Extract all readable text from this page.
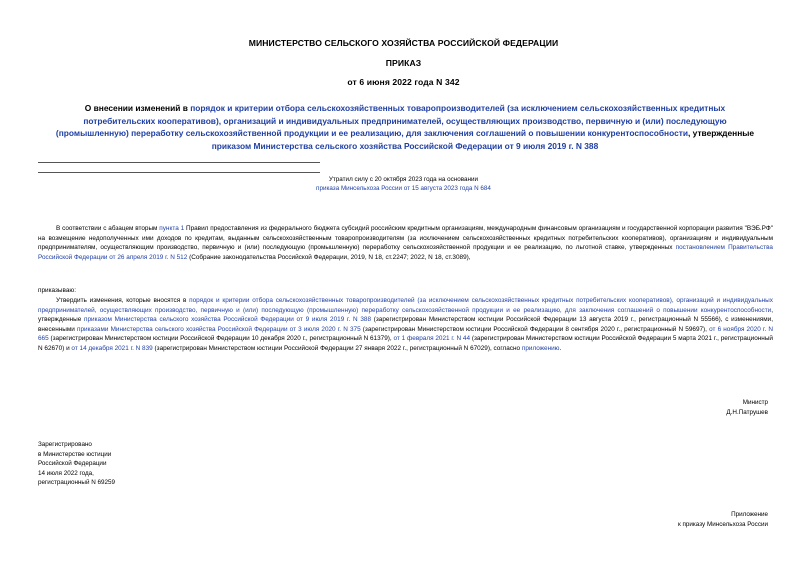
МИНИСТЕРСТВО СЕЛЬСКОГО ХОЗЯЙСТВА РОССИЙСКОЙ ФЕДЕРАЦИИ
ПРИКАЗ
от 6 июня 2022 года N 342
О внесении изменений в порядок и критерии отбора сельскохозяйственных товаропроизводителей (за исключением сельскохозяйственных кредитных потребительских кооперативов), организаций и индивидуальных предпринимателей, осуществляющих производство, первичную и (или) последующую (промышленную) переработку сельскохозяйственной продукции и ее реализацию, для заключения соглашений о повышении конкурентоспособности, утвержденные приказом Министерства сельского хозяйства Российской Федерации от 9 июля 2019 г. N 388
Утратил силу с 20 октября 2023 года на основании
приказа Минсельхоза России от 15 августа 2023 года N 684
В соответствии с абзацем вторым пункта 1 Правил предоставления из федерального бюджета субсидий российским кредитным организациям, международным финансовым организациям и государственной корпорации развития "ВЭБ.РФ" на возмещение недополученных ими доходов по кредитам, выданным сельскохозяйственным товаропроизводителям (за исключением сельскохозяйственных кредитных потребительских кооперативов), организациям и индивидуальным предпринимателям, осуществляющим производство, первичную и (или) последующую (промышленную) переработку сельскохозяйственной продукции и ее реализацию, по льготной ставке, утвержденных постановлением Правительства Российской Федерации от 26 апреля 2019 г. N 512 (Собрание законодательства Российской Федерации, 2019, N 18, ст.2247; 2022, N 18, ст.3089),
приказываю:
Утвердить изменения, которые вносятся в порядок и критерии отбора сельскохозяйственных товаропроизводителей (за исключением сельскохозяйственных кредитных потребительских кооперативов), организаций и индивидуальных предпринимателей, осуществляющих производство, первичную и (или) последующую (промышленную) переработку сельскохозяйственной продукции и ее реализацию, для заключения соглашений о повышении конкурентоспособности, утвержденные приказом Министерства сельского хозяйства Российской Федерации от 9 июля 2019 г. N 388 (зарегистрирован Министерством юстиции Российской Федерации 13 августа 2019 г., регистрационный N 55566), с изменениями, внесенными приказами Министерства сельского хозяйства Российской Федерации от 3 июля 2020 г. N 375 (зарегистрирован Министерством юстиции Российской Федерации 8 сентября 2020 г., регистрационный N 59697), от 6 ноября 2020 г. N 665 (зарегистрирован Министерством юстиции Российской Федерации 10 декабря 2020 г., регистрационный N 61379), от 1 февраля 2021 г. N 44 (зарегистрирован Министерством юстиции Российской Федерации 5 марта 2021 г., регистрационный N 62670) и от 14 декабря 2021 г. N 839 (зарегистрирован Министерством юстиции Российской Федерации 27 января 2022 г., регистрационный N 67029), согласно приложению.
Министр
Д.Н.Патрушев
Зарегистрировано
в Министерстве юстиции
Российской Федерации
14 июля 2022 года,
регистрационный N 69259
Приложение
к приказу Минсельхоза России
